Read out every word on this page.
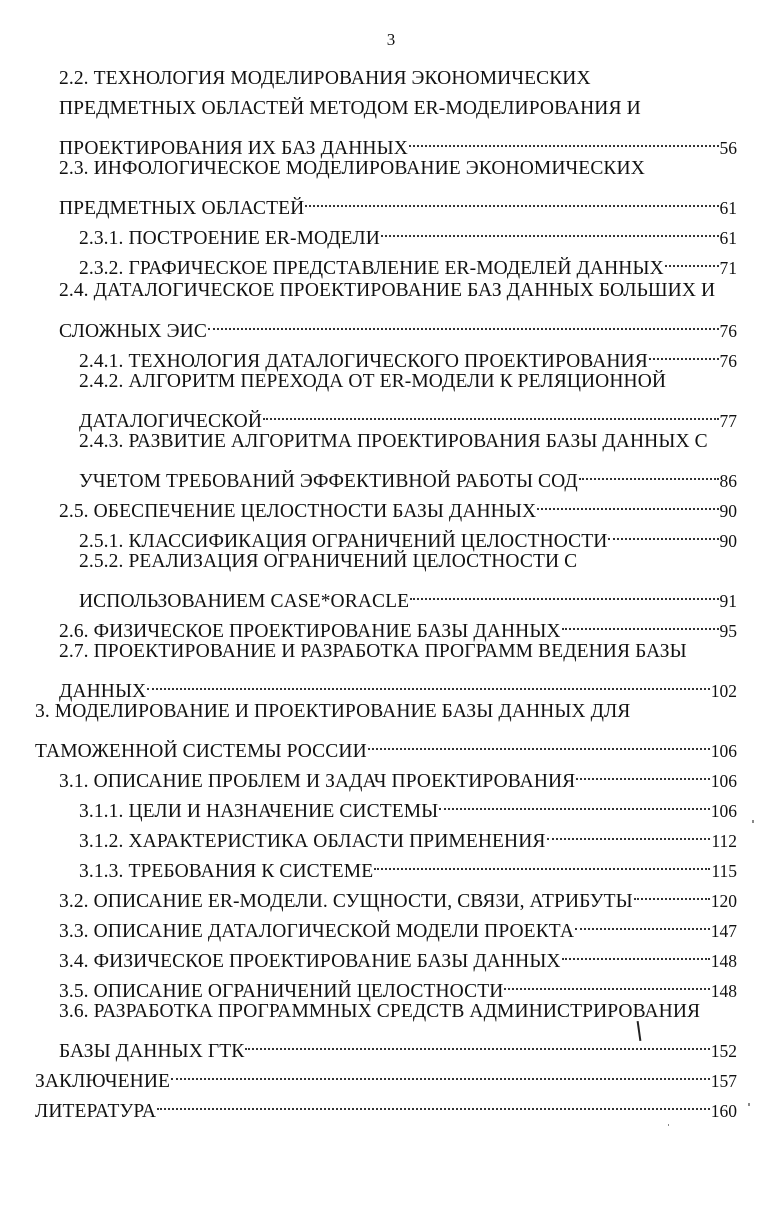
3
2.2. ТЕХНОЛОГИЯ МОДЕЛИРОВАНИЯ ЭКОНОМИЧЕСКИХ
ПРЕДМЕТНЫХ ОБЛАСТЕЙ МЕТОДОМ ER-МОДЕЛИРОВАНИЯ И
ПРОЕКТИРОВАНИЯ ИХ БАЗ ДАННЫХ	56
2.3. ИНФОЛОГИЧЕСКОЕ МОДЕЛИРОВАНИЕ ЭКОНОМИЧЕСКИХ
ПРЕДМЕТНЫХ ОБЛАСТЕЙ	61
2.3.1. ПОСТРОЕНИЕ ER-МОДЕЛИ	61
2.3.2. ГРАФИЧЕСКОЕ ПРЕДСТАВЛЕНИЕ ER-МОДЕЛЕЙ ДАННЫХ	71
2.4. ДАТАЛОГИЧЕСКОЕ ПРОЕКТИРОВАНИЕ БАЗ ДАННЫХ БОЛЬШИХ И
СЛОЖНЫХ ЭИС	76
2.4.1. ТЕХНОЛОГИЯ ДАТАЛОГИЧЕСКОГО ПРОЕКТИРОВАНИЯ	76
2.4.2. АЛГОРИТМ ПЕРЕХОДА ОТ ER-МОДЕЛИ К РЕЛЯЦИОННОЙ
ДАТАЛОГИЧЕСКОЙ	77
2.4.3. РАЗВИТИЕ АЛГОРИТМА ПРОЕКТИРОВАНИЯ БАЗЫ ДАННЫХ С
УЧЕТОМ ТРЕБОВАНИЙ ЭФФЕКТИВНОЙ РАБОТЫ СОД	86
2.5. ОБЕСПЕЧЕНИЕ ЦЕЛОСТНОСТИ БАЗЫ ДАННЫХ	90
2.5.1. КЛАССИФИКАЦИЯ ОГРАНИЧЕНИЙ ЦЕЛОСТНОСТИ	90
2.5.2. РЕАЛИЗАЦИЯ ОГРАНИЧЕНИЙ ЦЕЛОСТНОСТИ С
ИСПОЛЬЗОВАНИЕМ CASE*ORACLE	91
2.6. ФИЗИЧЕСКОЕ ПРОЕКТИРОВАНИЕ БАЗЫ ДАННЫХ	95
2.7. ПРОЕКТИРОВАНИЕ И РАЗРАБОТКА ПРОГРАММ ВЕДЕНИЯ БАЗЫ
ДАННЫХ	102
3. МОДЕЛИРОВАНИЕ И ПРОЕКТИРОВАНИЕ БАЗЫ ДАННЫХ ДЛЯ
ТАМОЖЕННОЙ СИСТЕМЫ РОССИИ	106
3.1. ОПИСАНИЕ ПРОБЛЕМ И ЗАДАЧ ПРОЕКТИРОВАНИЯ	106
3.1.1. ЦЕЛИ И НАЗНАЧЕНИЕ СИСТЕМЫ	106
3.1.2. ХАРАКТЕРИСТИКА ОБЛАСТИ ПРИМЕНЕНИЯ	112
3.1.3. ТРЕБОВАНИЯ К СИСТЕМЕ	115
3.2. ОПИСАНИЕ ER-МОДЕЛИ. СУЩНОСТИ, СВЯЗИ, АТРИБУТЫ	120
3.3. ОПИСАНИЕ ДАТАЛОГИЧЕСКОЙ МОДЕЛИ ПРОЕКТА	147
3.4. ФИЗИЧЕСКОЕ ПРОЕКТИРОВАНИЕ БАЗЫ ДАННЫХ	148
3.5. ОПИСАНИЕ ОГРАНИЧЕНИЙ ЦЕЛОСТНОСТИ	148
3.6. РАЗРАБОТКА ПРОГРАММНЫХ СРЕДСТВ АДМИНИСТРИРОВАНИЯ
БАЗЫ ДАННЫХ ГТК	152
ЗАКЛЮЧЕНИЕ	157
ЛИТЕРАТУРА	160
